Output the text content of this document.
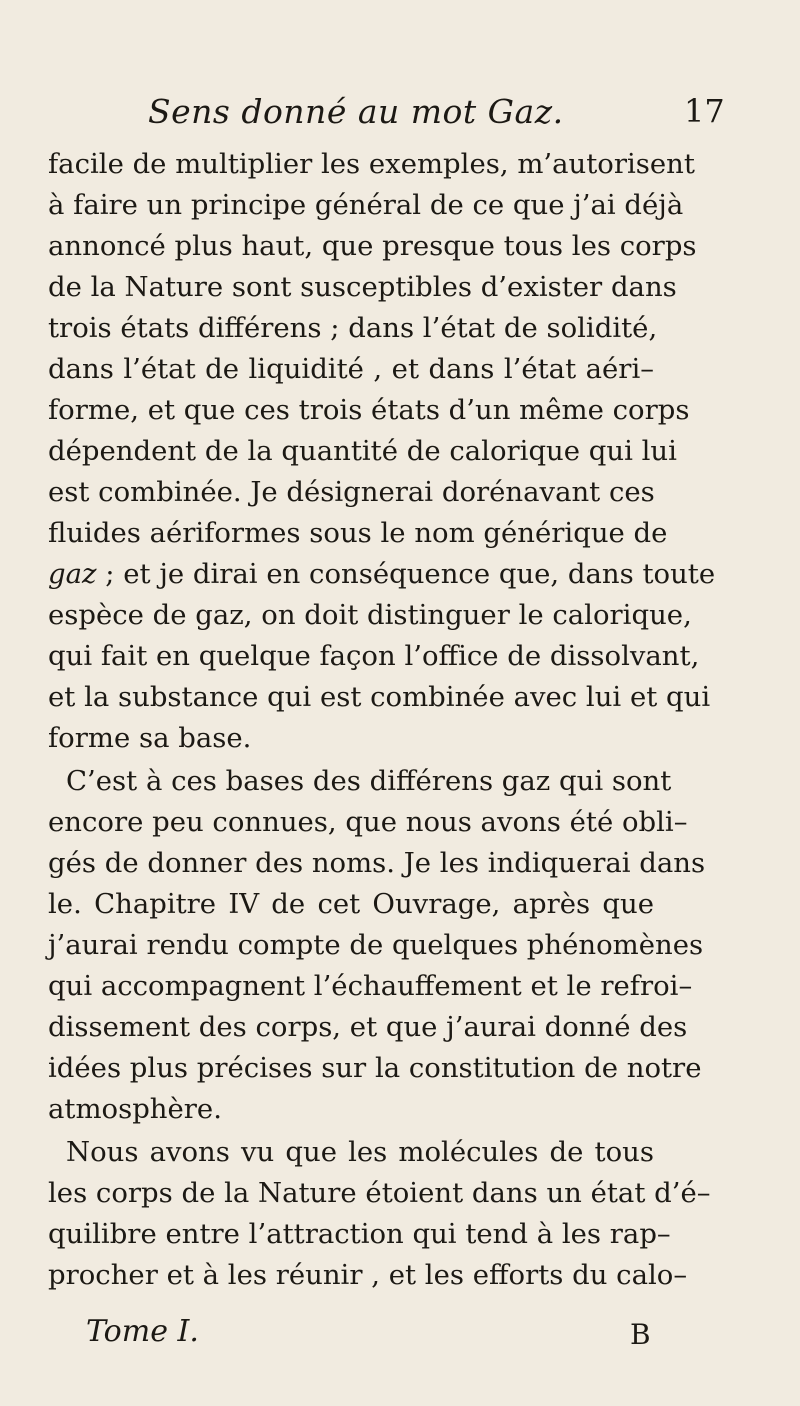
Sens donné au mot Gaz.	17
facile de multiplier les exemples, m’autorisent
à faire un principe général de ce que j’ai déjà
annoncé plus haut, que presque tous les corps
de la Nature sont susceptibles d’exister dans
trois états différens ; dans l’état de solidité,
dans l’état de liquidité , et dans l’état aéri–
forme, et que ces trois états d’un même corps
dépendent de la quantité de calorique qui lui
est combinée. Je désignerai dorénavant ces
fluides aériformes sous le nom générique de
gaz ; et je dirai en conséquence que, dans toute
espèce de gaz, on doit distinguer le calorique,
qui fait en quelque façon l’office de dissolvant,
et la substance qui est combinée avec lui et qui
forme sa base.
C’est à ces bases des différens gaz qui sont
encore peu connues, que nous avons été obli–
gés de donner des noms. Je les indiquerai dans
le. Chapitre IV de cet Ouvrage, après que
j’aurai rendu compte de quelques phénomènes
qui accompagnent l’échauffement et le refroi–
dissement des corps, et que j’aurai donné des
idées plus précises sur la constitution de notre
atmosphère.
Nous avons vu que les molécules de tous
les corps de la Nature étoient dans un état d’é–
quilibre entre l’attraction qui tend à les rap–
procher et à les réunir , et les efforts du calo–
Tome I.	B
